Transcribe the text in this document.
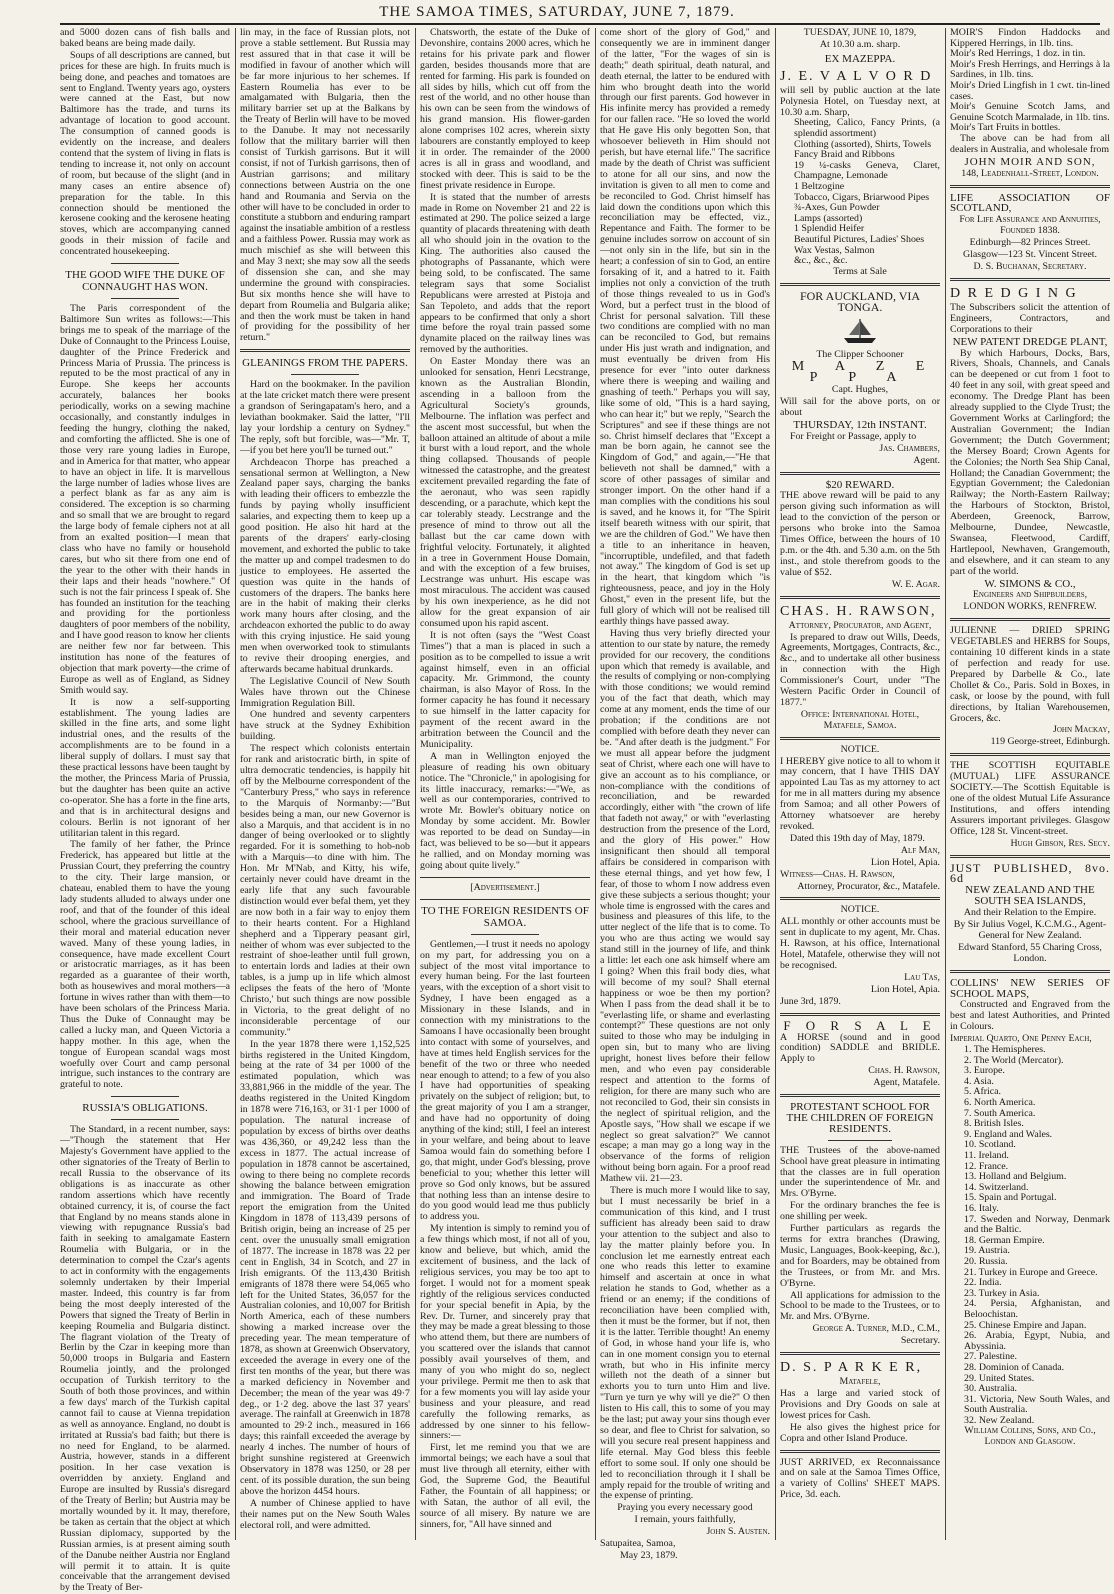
THE SAMOA TIMES, SATURDAY, JUNE 7, 1879.

and 5000 dozen cans of fish balls and baked beans are being made daily.

Soups of all descriptions are canned, but prices for these are high. In fruits much is being done, and peaches and tomatoes are sent to England. Twenty years ago, oysters were canned at the East, but now Baltimore has the trade, and turns its advantage of location to good account. The consumption of canned goods is evidently on the increase, and dealers contend that the system of living in flats is tending to increase it, not only on account of room, but because of the slight (and in many cases an entire absence of) preparation for the table. In this connection should be mentioned the kerosene cooking and the kerosene heating stoves, which are accompanying canned goods in their mission of facile and concentrated housekeeping.

THE GOOD WIFE THE DUKE OF CONNAUGHT HAS WON.

The Paris correspondent of the Baltimore Sun writes as follows:—This brings me to speak of the marriage of the Duke of Connaught to the Princess Louise, daughter of the Prince Frederick and Princess Maria of Prussia. The princess is reputed to be the most practical of any in Europe. She keeps her accounts accurately, balances her books periodically, works on a sewing machine occasionally, and constantly indulges in feeding the hungry, clothing the naked, and comforting the afflicted. She is one of those very rare young ladies in Europe, and in America for that matter, who appear to have an object in life. It is marvellous the large number of ladies whose lives are a perfect blank as far as any aim is considered. The exception is so charming and so small that we are brought to regard the large body of female ciphers not at all from an exalted position—I mean that class who have no family or household cares, but who sit there from one end of the year to the other with their hands in their laps and their heads "nowhere." Of such is not the fair princess I speak of. She has founded an institution for the teaching and providing for the portionless daughters of poor members of the nobility, and I have good reason to know her clients are neither few nor far between. This institution has none of the features of objection that mark poverty—the crime of Europe as well as of England, as Sidney Smith would say.

It is now a self-supporting establishment. The young ladies are skilled in the fine arts, and some light industrial ones, and the results of the accomplishments are to be found in a liberal supply of dollars. I must say that these practical lessons have been taught by the mother, the Princess Maria of Prussia, but the daughter has been quite an active co-operator. She has a forte in the fine arts, and that is in architectural designs and colours. Berlin is not ignorant of her utilitarian talent in this regard.

The family of her father, the Prince Frederick, has appeared but little at the Prussian Court, they preferring the country to the city. Their large mansion, or chateau, enabled them to have the young lady students alluded to always under one roof, and that of the founder of this ideal school, where the gracious surveillance of their moral and material education never waved. Many of these young ladies, in consequence, have made excellent Court or aristocratic marriages, as it has been regarded as a guarantee of their worth, both as housewives and moral mothers—a fortune in wives rather than with them—to have been scholars of the Princess Maria. Thus the Duke of Connaught may be called a lucky man, and Queen Victoria a happy mother. In this age, when the tongue of European scandal wags most woefully over Court and camp personal intrigue, such instances to the contrary are grateful to note.

RUSSIA'S OBLIGATIONS.

The Standard, in a recent number, says:—"Though the statement that Her Majesty's Government have applied to the other signatories of the Treaty of Berlin to recall Russia to the observance of its obligations is as inaccurate as other random assertions which have recently obtained currency, it is, of course the fact that England by no means stands alone in viewing with repugnance Russia's bad faith in seeking to amalgamate Eastern Roumelia with Bulgaria, or in the determination to compel the Czar's agents to act in conformity with the engagements solemnly undertaken by their Imperial master. Indeed, this country is far from being the most deeply interested of the Powers that signed the Treaty of Berlin in keeping Roumelia and Bulgaria distinct. The flagrant violation of the Treaty of Berlin by the Czar in keeping more than 50,000 troops in Bulgaria and Eastern Roumelia jointly, and the prolonged occupation of Turkish territory to the South of both those provinces, and within a few days' march of the Turkish capital cannot fail to cause at Vienna trepidation as well as annoyance. England, no doubt is irritated at Russia's bad faith; but there is no need for England, to be alarmed. Austria, however, stands in a different position. In her case vexation is overridden by anxiety. England and Europe are insulted by Russia's disregard of the Treaty of Berlin; but Austria may be mortally wounded by it. It may, therefore, be taken as certain that the object at which Russian diplomacy, supported by the Russian armies, is at present aiming south of the Danube neither Austria nor England will permit it to attain. It is quite conceivable that the arrangement devised by the Treaty of Ber-

lin may, in the face of Russian plots, not prove a stable settlement. But Russia may rest assured that in that case it will be modified in favour of another which will be far more injurious to her schemes. If Eastern Roumelia has ever to be amalgamated with Bulgaria, then the military barrier set up at the Balkans by the Treaty of Berlin will have to be moved to the Danube. It may not necessarily follow that the military barrier will then consist of Turkish garrisons. But it will consist, if not of Turkish garrisons, then of Austrian garrisons; and military connections between Austria on the one hand and Roumania and Servia on the other will have to be concluded in order to constitute a stubborn and enduring rampart against the insatiable ambition of a restless and a faithless Power. Russia may work as much mischief as she will between this and May 3 next; she may sow all the seeds of dissension she can, and she may undermine the ground with conspiracies. But six months hence she will have to depart from Roumelia and Bulgaria alike; and then the work must be taken in hand of providing for the possibility of her return."

GLEANINGS FROM THE PAPERS.

Hard on the bookmaker. In the pavilion at the late cricket match there were present a grandson of Seringapatam's hero, and a leviathan bookmaker. Said the latter, "I'll lay your lordship a century on Sydney." The reply, soft but forcible, was—"Mr. T,—if you bet here you'll be turned out."

Archdeacon Thorpe has preached a sensational sermon at Wellington, a New Zealand paper says, charging the banks with leading their officers to embezzle the funds by paying wholly insufficient salaries, and expecting them to keep up a good position. He also hit hard at the parents of the drapers' early-closing movement, and exhorted the public to take the matter up and compel tradesmen to do justice to employees. He asserted the question was quite in the hands of customers of the drapers. The banks here are in the habit of making their clerks work many hours after closing, and the archdeacon exhorted the public to do away with this crying injustice. He said young men when overworked took to stimulants to revive their drooping energies, and afterwards became habitual drunkards.

The Legislative Council of New South Wales have thrown out the Chinese Immigration Regulation Bill.

One hundred and seventy carpenters have struck at the Sydney Exhibition building.

The respect which colonists entertain for rank and aristocratic birth, in spite of ultra democratic tendencies, is happily hit off by the Melbourne correspondent of the "Canterbury Press," who says in reference to the Marquis of Normanby:—"But besides being a man, our new Governor is also a Marquis, and that accident is in no danger of being overlooked or to slightly regarded. For it is something to hob-nob with a Marquis—to dine with him. The Hon. Mr M'Nab, and Kitty, his wife, certainly never could have dreamt in the early life that any such favourable distinction would ever befal them, yet they are now both in a fair way to enjoy them to their hearts content. For a Highland shepherd and a Tipperary peasant girl, neither of whom was ever subjected to the restraint of shoe-leather until full grown, to entertain lords and ladies at their own tables, is a jump up in life which almost eclipses the feats of the hero of 'Monte Christo,' but such things are now possible in Victoria, to the great delight of no inconsiderable percentage of our community."

In the year 1878 there were 1,152,525 births registered in the United Kingdom, being at the rate of 34 per 1000 of the estimated population, which was 33,881,966 in the middle of the year. The deaths registered in the United Kingdom in 1878 were 716,163, or 31·1 per 1000 of population. The natural increase of population by excess of births over deaths was 436,360, or 49,242 less than the excess in 1877. The actual increase of population in 1878 cannot be ascertained, owing to there being no complete records showing the balance between emigration and immigration. The Board of Trade report the emigration from the United Kingdom in 1878 of 113,439 persons of British origin, being an increase of 25 per cent. over the unusually small emigration of 1877. The increase in 1878 was 22 per cent in English, 34 in Scotch, and 27 in Irish emigrants. Of the 113,430 British emigrants of 1878 there were 54,065 who left for the United States, 36,057 for the Australian colonies, and 10,007 for British North America, each of these numbers showing a marked increase over the preceding year. The mean temperature of 1878, as shown at Greenwich Observatory, exceeded the average in every one of the first ten months of the year, but there was a marked deficiency in November and December; the mean of the year was 49·7 deg., or 1·2 deg. above the last 37 years' average. The rainfall at Greenwich in 1878 amounted to 29·2 inch., measured in 166 days; this rainfall exceeded the average by nearly 4 inches. The number of hours of bright sunshine registered at Greenwich Observatory in 1878 was 1250, or 28 per cent. of its possible duration, the sun being above the horizon 4454 hours.

A number of Chinese applied to have their names put on the New South Wales electoral roll, and were admitted.

Chatsworth, the estate of the Duke of Devonshire, contains 2000 acres, which he retains for his private park and flower garden, besides thousands more that are rented for farming. His park is founded on all sides by hills, which cut off from the rest of the world, and no other house than his own can be seen from the windows of his grand mansion. His flower-garden alone comprises 102 acres, wherein sixty labourers are constantly employed to keep it in order. The remainder of the 2000 acres is all in grass and woodland, and stocked with deer. This is said to be the finest private residence in Europe.

It is stated that the number of arrests made in Rome on November 21 and 22 is estimated at 290. The police seized a large quantity of placards threatening with death all who should join in the ovation to the King. The authorities also caused the photographs of Passanante, which were being sold, to be confiscated. The same telegram says that some Socialist Republicans were arrested at Pistoja and San Tepoleto, and adds that the report appears to be confirmed that only a short time before the royal train passed some dynamite placed on the railway lines was removed by the authorities.

On Easter Monday there was an unlooked for sensation, Henri Lecstrange, known as the Australian Blondin, ascending in a balloon from the Agricultural Society's grounds, Melbourne. The inflation was perfect and the ascent most successful, but when the balloon attained an altitude of about a mile it burst with a loud report, and the whole thing collapsed. Thousands of people witnessed the catastrophe, and the greatest excitement prevailed regarding the fate of the aeronaut, who was seen rapidly descending, or a parachute, which kept the car tolerably steady. Lecstrange and the presence of mind to throw out all the ballast but the car came down with frightful velocity. Fortunately, it alighted in a tree in Government House Domain, and with the exception of a few bruises, Lecstrange was unhurt. His escape was most miraculous. The accident was caused by his own inexperience, as he did not allow for the great expansion of air consumed upon his rapid ascent.

It is not often (says the "West Coast Times") that a man is placed in such a position as to be compelled to issue a writ against himself, even in an official capacity. Mr. Grimmond, the county chairman, is also Mayor of Ross. In the former capacity he has found it necessary to sue himself in the latter capacity for payment of the recent award in the arbitration between the Council and the Municipality.

A man in Wellington enjoyed the pleasure of reading his own obituary notice. The "Chronicle," in apologising for its little inaccuracy, remarks:—"We, as well as our contemporaries, contrived to wrote Mr. Bowler's obituary notice on Monday by some accident. Mr. Bowler was reported to be dead on Sunday—in fact, was believed to be so—but it appears he rallied, and on Monday morning was going about quite lively."

[Advertisement.]

TO THE FOREIGN RESIDENTS OF SAMOA.

Gentlemen,—I trust it needs no apology on my part, for addressing you on a subject of the most vital importance to every human being. For the last fourteen years, with the exception of a short visit to Sydney, I have been engaged as a Missionary in these Islands, and in connection with my ministrations to the Samoans I have occasionally been brought into contact with some of yourselves, and have at times held English services for the benefit of the two or three who needed near enough to attend; to a few of you also I have had opportunities of speaking privately on the subject of religion; but, to the great majority of you I am a stranger, and have had no opportunity of doing anything of the kind; still, I feel an interest in your welfare, and being about to leave Samoa would fain do something before I go, that might, under God's blessing, prove beneficial to you; whether this letter will prove so God only knows, but be assured that nothing less than an intense desire to do you good would lead me thus publicly to address you.

My intention is simply to remind you of a few things which most, if not all of you, know and believe, but which, amid the excitement of business, and the lack of religious services, you may be too apt to forget. I would not for a moment speak rightly of the religious services conducted for your special benefit in Apia, by the Rev. Dr. Turner, and sincerely pray that they may be made a great blessing to those who attend them, but there are numbers of you scattered over the islands that cannot possibly avail yourselves of them, and many of you who might do so, neglect your privilege. Permit me then to ask that for a few moments you will lay aside your business and your pleasure, and read carefully the following remarks, as addressed by one sinner to his fellow-sinners:—

First, let me remind you that we are immortal beings; we each have a soul that must live through all eternity, either with God, the Supreme God, the Beautiful Father, the Fountain of all happiness; or with Satan, the author of all evil, the source of all misery. By nature we are sinners, for, "All have sinned and

come short of the glory of God," and consequently we are in imminent danger of the latter, "For the wages of sin is death;" death spiritual, death natural, and death eternal, the latter to be endured with him who brought death into the world through our first parents. God however in His infinite mercy has provided a remedy for our fallen race. "He so loved the world that He gave His only begotten Son, that whosoever believeth in Him should not perish, but have eternal life." The sacrifice made by the death of Christ was sufficient to atone for all our sins, and now the invitation is given to all men to come and be reconciled to God. Christ himself has laid down the conditions upon which this reconciliation may be effected, viz., Repentance and Faith. The former to be genuine includes sorrow on account of sin—not only sin in the life, but sin in the heart; a confession of sin to God, an entire forsaking of it, and a hatred to it. Faith implies not only a conviction of the truth of those things revealed to us in God's Word, but a perfect trust in the blood of Christ for personal salvation. Till these two conditions are complied with no man can be reconciled to God, but remains under His just wrath and indignation, and must eventually be driven from His presence for ever "into outer darkness where there is weeping and wailing and gnashing of teeth." Perhaps you will say, like some of old, "This is a hard saying, who can hear it;" but we reply, "Search the Scriptures" and see if these things are not so. Christ himself declares that "Except a man be born again, he cannot see the Kingdom of God," and again,—"He that believeth not shall be damned," with a score of other passages of similar and stronger import. On the other hand if a man complies with the conditions his soul is saved, and he knows it, for "The Spirit itself beareth witness with our spirit, that we are the children of God." We have then a title to an inheritance in heaven, "incorruptible, undefiled, and that fadeth not away." The kingdom of God is set up in the heart, that kingdom which "is righteousness, peace, and joy in the Holy Ghost," even in the present life, but the full glory of which will not be realised till earthly things have passed away.

Having thus very briefly directed your attention to our state by nature, the remedy provided for our recovery, the conditions upon which that remedy is available, and the results of complying or non-complying with those conditions; we would remind you of the fact that death, which may come at any moment, ends the time of our probation; if the conditions are not complied with before death they never can be. "And after death is the judgment." For we must all appear before the judgment seat of Christ, where each one will have to give an account as to his compliance, or non-compliance with the conditions of reconciliation, and be rewarded accordingly, either with "the crown of life that fadeth not away," or with "everlasting destruction from the presence of the Lord, and the glory of His power." How insignificant then should all temporal affairs be considered in comparison with these eternal things, and yet how few, I fear, of those to whom I now address even give these subjects a serious thought; your whole time is engrossed with the cares and business and pleasures of this life, to the utter neglect of the life that is to come. To you who are thus acting we would say stand still in the journey of life, and think a little: let each one ask himself where am I going? When this frail body dies, what will become of my soul? Shall eternal happiness or woe be then my portion? When I pass from the dead shall it be to "everlasting life, or shame and everlasting contempt?" These questions are not only suited to those who may be indulging in open sin, but to many who are living upright, honest lives before their fellow men, and who even pay considerable respect and attention to the forms of religion, for there are many such who are not reconciled to God, their sin consists in the neglect of spiritual religion, and the Apostle says, "How shall we escape if we neglect so great salvation?" We cannot escape; a man may go a long way in the observance of the forms of religion without being born again. For a proof read Mathew vii. 21—23.

There is much more I would like to say, but I must necessarily be brief in a communication of this kind, and I trust sufficient has already been said to draw your attention to the subject and also to lay the matter plainly before you. In conclusion let me earnestly entreat each one who reads this letter to examine himself and ascertain at once in what relation he stands to God, whether as a friend or an enemy; if the conditions of reconciliation have been complied with, then it must be the former, but if not, then it is the latter. Terrible thought! An enemy of God, in whose hand your life is, who can in one moment consign you to eternal wrath, but who in His infinite mercy willeth not the death of a sinner but exhorts you to turn unto Him and live. "Turn ye turn ye why will ye die?" O then listen to His call, this to some of you may be the last; put away your sins though ever so dear, and flee to Christ for salvation, so will you secure real present happiness and life eternal. May God bless this feeble effort to some soul. If only one should be led to reconciliation through it I shall be amply repaid for the trouble of writing and the expense of printing.

Praying you every necessary good

I remain, yours faithfully,

John S. Austen.

Satupaitea, Samoa,

May 23, 1879.

TUESDAY, JUNE 10, 1879,

At 10.30 a.m. sharp.

EX MAZEPPA.

J. E. V A L V O R D

will sell by public auction at the late Polynesia Hotel, on Tuesday next, at 10.30 a.m. Sharp,

Sheeting, Calico, Fancy Prints, (a splendid assortment)
Clothing (assorted), Shirts, Towels
Fancy Braid and Ribbons
19 ¼-casks Geneva, Claret, Champagne, Lemonade
1 Beltzogine
Tobacco, Cigars, Briarwood Pipes
¾-Axes, Gun Powder
Lamps (assorted)
1 Splendid Heifer
Beautiful Pictures, Ladies' Shoes
Wax Vestas, Salmon
&c., &c., &c.

Terms at Sale

FOR AUCKLAND, VIA TONGA.

The Clipper Schooner

M A Z E P P A

Capt. Hughes,

Will sail for the above ports, on or about

THURSDAY, 12th INSTANT.

For Freight or Passage, apply to

Jas. Chambers,

Agent.

$20 REWARD.

THE above reward will be paid to any person giving such information as will lead to the conviction of the person or persons who broke into the Samoa Times Office, between the hours of 10 p.m. or the 4th. and 5.30 a.m. on the 5th inst., and stole therefrom goods to the value of $52.

W. E. Agar.

CHAS. H. RAWSON,

Attorney, Procurator, and Agent,

Is prepared to draw out Wills, Deeds, Agreements, Mortgages, Contracts, &c., &c., and to undertake all other business in connection with the High Commissioner's Court, under "The Western Pacific Order in Council of 1877."

Office: International Hotel, Matafele, Samoa.

NOTICE.

I HEREBY give notice to all to whom it may concern, that I have THIS DAY appointed Lau Tas as my attorney to act for me in all matters during my absence from Samoa; and all other Powers of Attorney whatsoever are hereby revoked.

Dated this 19th day of May, 1879.

Alf Man,

Lion Hotel, Apia.

Witness—Chas. H. Rawson,

Attorney, Procurator, &c., Matafele.

NOTICE.

ALL monthly or other accounts must be sent in duplicate to my agent, Mr. Chas. H. Rawson, at his office, International Hotel, Matafele, otherwise they will not be recognised.

Lau Tas,

Lion Hotel, Apia.

June 3rd, 1879.

F O R S A L E

A HORSE (sound and in good condition) SADDLE and BRIDLE. Apply to

Chas. H. Rawson,

Agent, Matafele.

PROTESTANT SCHOOL FOR THE CHILDREN OF FOREIGN RESIDENTS.

THE Trustees of the above-named School have great pleasure in intimating that the classes are in full operation under the superintendence of Mr. and Mrs. O'Byrne.

For the ordinary branches the fee is one shilling per week.

Further particulars as regards the terms for extra branches (Drawing, Music, Languages, Book-keeping, &c.), and for Boarders, may be obtained from the Trustees, or from Mr. and Mrs. O'Byrne.

All applications for admission to the School to be made to the Trustees, or to Mr. and Mrs. O'Byrne.

George A. Turner, M.D., C.M.,

Secretary.

D. S. P A R K E R,

Matafele,

Has a large and varied stock of Provisions and Dry Goods on sale at lowest prices for Cash.

He also gives the highest price for Copra and other Island Produce.

JUST ARRIVED, ex Reconnaissance and on sale at the Samoa Times Office, a variety of Collins' SHEET MAPS. Price, 3d. each.

MOIR'S Findon Haddocks and Kippered Herrings, in 1lb. tins.
Moir's Red Herrings, 1 doz. in tin.
Moir's Fresh Herrings, and Herrings à la Sardines, in 1lb. tins.
Moir's Dried Lingfish in 1 cwt. tin-lined cases.
Moir's Genuine Scotch Jams, and Genuine Scotch Marmalade, in 1lb. tins.
Moir's Tart Fruits in bottles.

The above can be had from all dealers in Australia, and wholesale from

JOHN MOIR AND SON,

148, Leadenhall-Street, London.

LIFE ASSOCIATION OF SCOTLAND,

For Life Assurance and Annuities, Founded 1838.

Edinburgh—82 Princes Street.

Glasgow—123 St. Vincent Street.

D. S. Buchanan, Secretary.

D R E D G I N G

The Subscribers solicit the attention of Engineers, Contractors, and Corporations to their

NEW PATENT DREDGE PLANT,

By which Harbours, Docks, Bars, Rivers, Shoals, Channels, and Canals can be deepened or cut from 1 foot to 40 feet in any soil, with great speed and economy. The Dredge Plant has been already supplied to the Clyde Trust; the Government Works at Carlingford; the Australian Government; the Indian Government; the Dutch Government; the Mersey Board; Crown Agents for the Colonies; the North Sea Ship Canal, Holland; the Canadian Government; the Egyptian Government; the Caledonian Railway; the North-Eastern Railway; the Harbours of Stockton, Bristol, Aberdeen, Greenock, Barrow, Melbourne, Dundee, Newcastle, Swansea, Fleetwood, Cardiff, Hartlepool, Newhaven, Grangemouth, and elsewhere, and it can steam to any part of the world.

W. SIMONS & CO.,

Engineers and Shipbuilders,

LONDON WORKS, RENFREW.

JULIENNE — DRIED SPRING VEGETABLES and HERBS for Soups, containing 10 different kinds in a state of perfection and ready for use. Prepared by Darbelle & Co., late Chollet & Co., Paris. Sold in Boxes, in cask, or loose by the pound, with full directions, by Italian Warehousemen, Grocers, &c.

John Mackay,

119 George-street, Edinburgh.

THE SCOTTISH EQUITABLE (MUTUAL) LIFE ASSURANCE SOCIETY.—The Scottish Equitable is one of the oldest Mutual Life Assurance Institutions, and offers intending Assurers important privileges. Glasgow Office, 128 St. Vincent-street.

Hugh Gibson, Res. Secy.

JUST PUBLISHED, 8vo. 6d

NEW ZEALAND AND THE SOUTH SEA ISLANDS,

And their Relation to the Empire.

By Sir Julius Vogel, K.C.M.G., Agent-General for New Zealand.

Edward Stanford, 55 Charing Cross, London.

COLLINS' NEW SERIES OF SCHOOL MAPS,

Constructed and Engraved from the best and latest Authorities, and Printed in Colours.

Imperial Quarto, One Penny Each,

1. The Hemispheres.
2. The World (Mercator).
3. Europe.
4. Asia.
5. Africa.
6. North America.
7. South America.
8. British Isles.
9. England and Wales.
10. Scotland.
11. Ireland.
12. France.
13. Holland and Belgium.
14. Switzerland.
15. Spain and Portugal.
16. Italy.
17. Sweden and Norway, Denmark and the Baltic.
18. German Empire.
19. Austria.
20. Russia.
21. Turkey in Europe and Greece.
22. India.
23. Turkey in Asia.
24. Persia, Afghanistan, and Beloochistan.
25. Chinese Empire and Japan.
26. Arabia, Egypt, Nubia, and Abyssinia.
27. Palestine.
28. Dominion of Canada.
29. United States.
30. Australia.
31. Victoria, New South Wales, and South Australia.
32. New Zealand.

William Collins, Sons, and Co., London and Glasgow.
